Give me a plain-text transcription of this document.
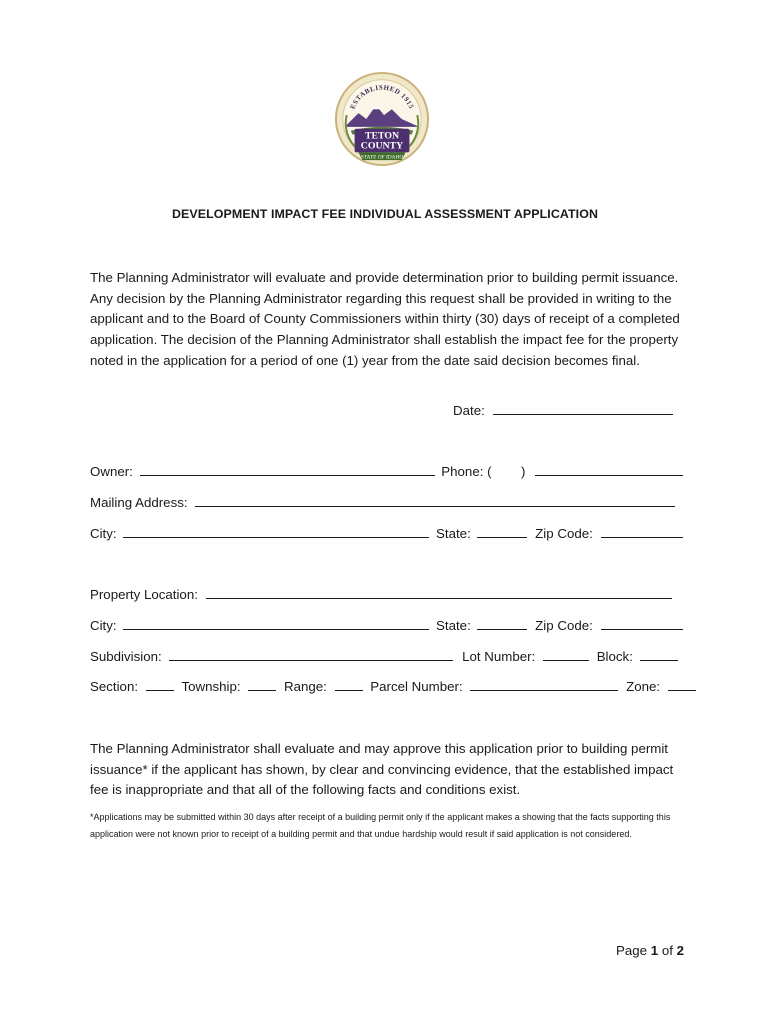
ESTABLISHED 1915
TETON
COUNTY
STATE OF IDAHO
DEVELOPMENT IMPACT FEE INDIVIDUAL ASSESSMENT APPLICATION
The Planning Administrator will evaluate and provide determination prior to building permit issuance. Any decision by the Planning Administrator regarding this request shall be provided in writing to the applicant and to the Board of County Commissioners within thirty (30) days of receipt of a completed application. The decision of the Planning Administrator shall establish the impact fee for the property noted in the application for a period of one (1) year from the date said decision becomes final.
Date:
Owner:	Phone: ( )
Mailing Address:
City:	State:	Zip Code:
Property Location:
City:	State:	Zip Code:
Subdivision:	Lot Number:	Block:
Section:	Township:	Range:	Parcel Number:	Zone:
The Planning Administrator shall evaluate and may approve this application prior to building permit issuance* if the applicant has shown, by clear and convincing evidence, that the established impact fee is inappropriate and that all of the following facts and conditions exist.
*Applications may be submitted within 30 days after receipt of a building permit only if the applicant makes a showing that the facts supporting this application were not known prior to receipt of a building permit and that undue hardship would result if said application is not considered.
Page 1 of 2
